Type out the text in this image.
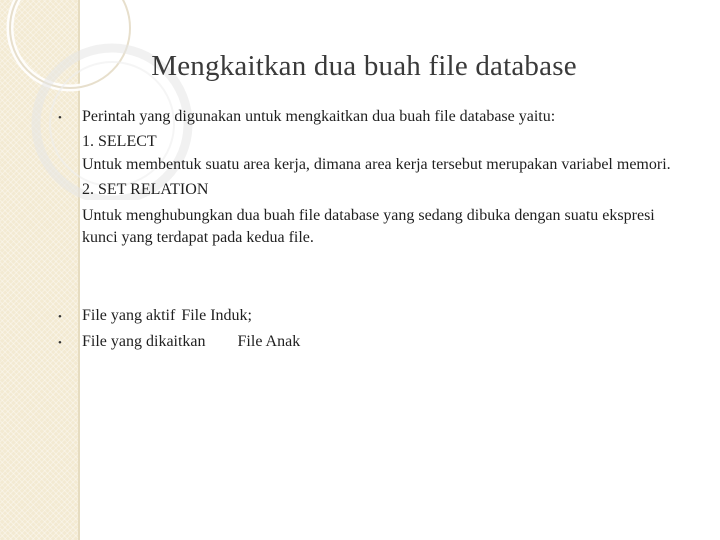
Mengkaitkan dua buah file database
• Perintah yang digunakan untuk mengkaitkan dua buah file database yaitu:

1. SELECT

Untuk membentuk suatu area kerja, dimana area kerja tersebut merupakan variabel memori.

2. SET RELATION

Untuk menghubungkan dua buah file database yang sedang dibuka dengan suatu ekspresi kunci yang terdapat pada kedua file.

• File yang aktif File Induk;
• File yang dikaitkan File Anak
